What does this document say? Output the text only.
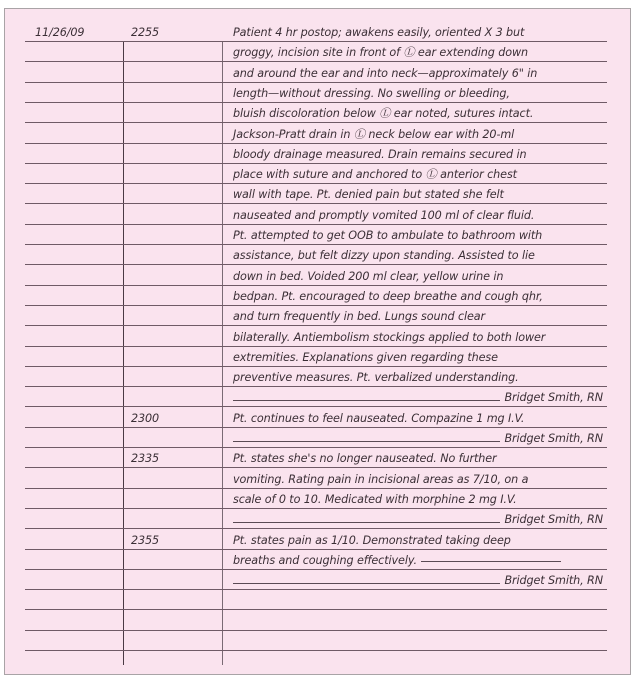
11/26/09	2255	Patient 4 hr postop; awakens easily, oriented X 3 but
groggy, incision site in front of Ⓛ ear extending down
and around the ear and into neck—approximately 6" in
length—without dressing. No swelling or bleeding,
bluish discoloration below Ⓛ ear noted, sutures intact.
Jackson-Pratt drain in Ⓛ neck below ear with 20-ml
bloody drainage measured. Drain remains secured in
place with suture and anchored to Ⓛ anterior chest
wall with tape. Pt. denied pain but stated she felt
nauseated and promptly vomited 100 ml of clear fluid.
Pt. attempted to get OOB to ambulate to bathroom with
assistance, but felt dizzy upon standing. Assisted to lie
down in bed. Voided 200 ml clear, yellow urine in
bedpan. Pt. encouraged to deep breathe and cough qhr,
and turn frequently in bed. Lungs sound clear
bilaterally. Antiembolism stockings applied to both lower
extremities. Explanations given regarding these
preventive measures. Pt. verbalized understanding.
Bridget Smith, RN
2300	Pt. continues to feel nauseated. Compazine 1 mg I.V.
Bridget Smith, RN
2335	Pt. states she's no longer nauseated. No further
vomiting. Rating pain in incisional areas as 7/10, on a
scale of 0 to 10. Medicated with morphine 2 mg I.V.
Bridget Smith, RN
2355	Pt. states pain as 1/10. Demonstrated taking deep
breaths and coughing effectively.
Bridget Smith, RN
